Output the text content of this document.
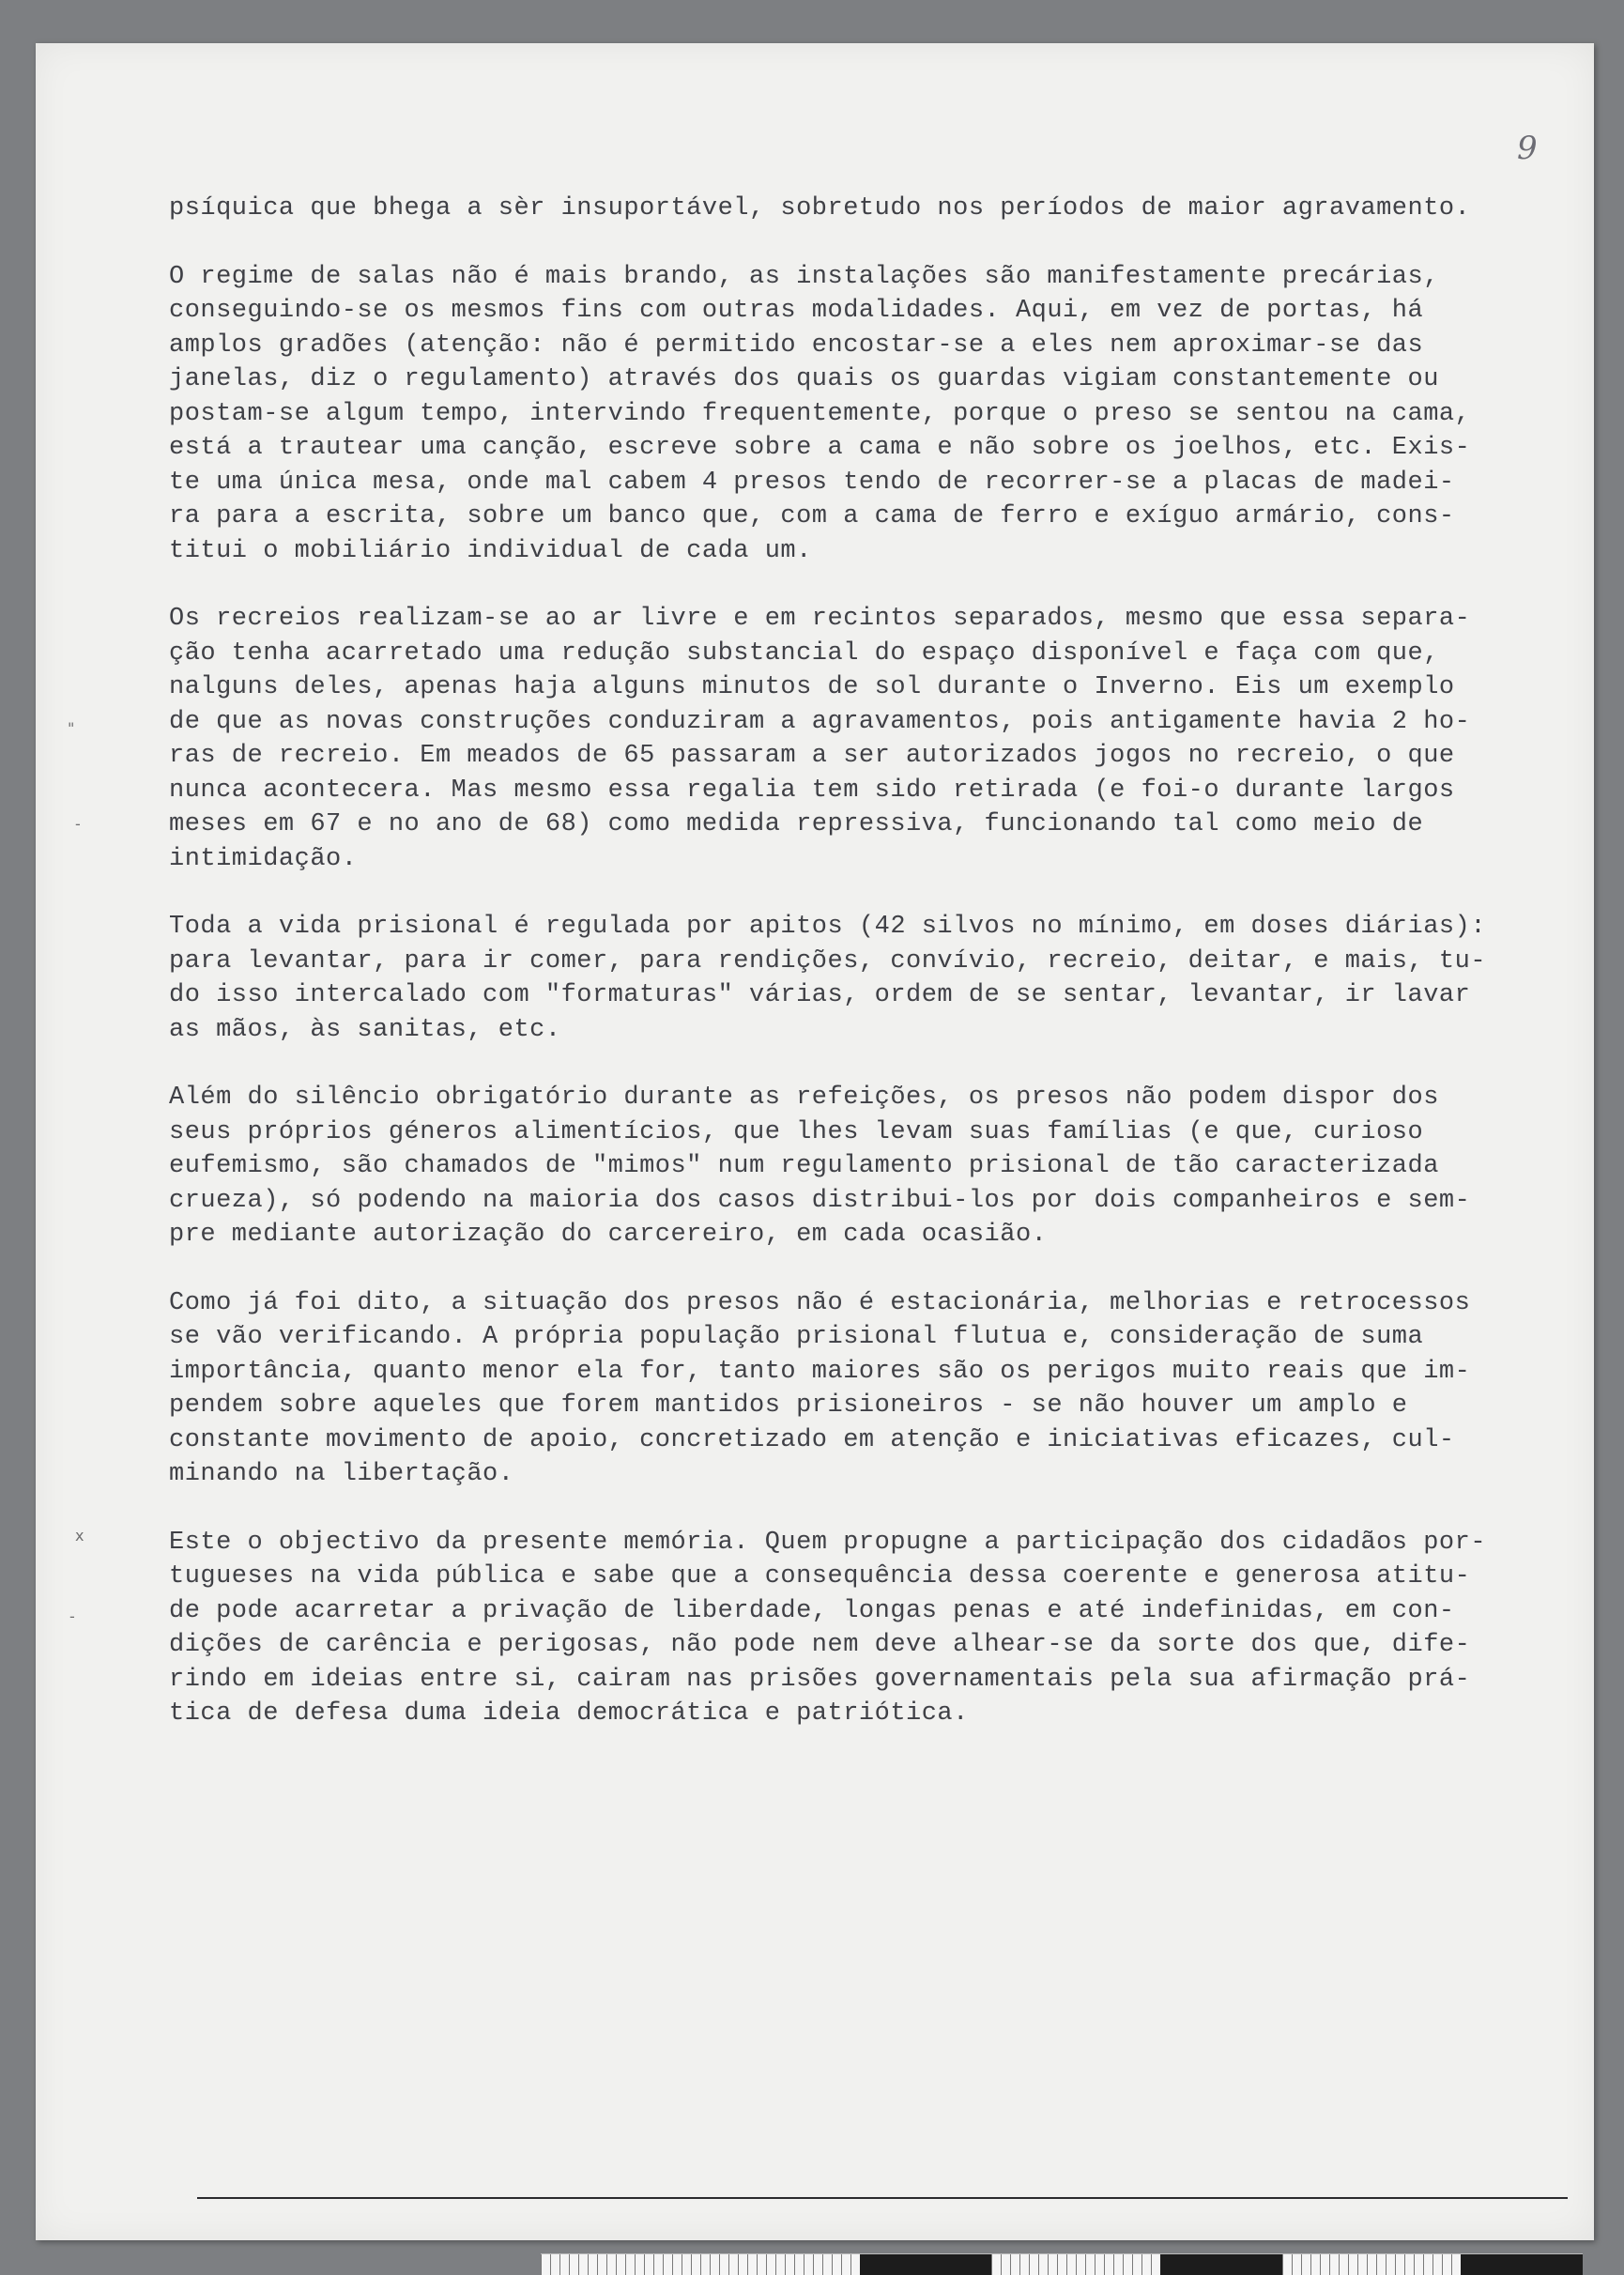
9

psíquica que bhega a sèr insuportável, sobretudo nos períodos de maior agravamento.

O regime de salas não é mais brando, as instalações são manifestamente precárias,
conseguindo-se os mesmos fins com outras modalidades. Aqui, em vez de portas, há
amplos gradões (atenção: não é permitido encostar-se a eles nem aproximar-se das
janelas, diz o regulamento) através dos quais os guardas vigiam constantemente ou
postam-se algum tempo, intervindo frequentemente, porque o preso se sentou na cama,
está a trautear uma canção, escreve sobre a cama e não sobre os joelhos, etc. Exis-
te uma única mesa, onde mal cabem 4 presos tendo de recorrer-se a placas de madei-
ra para a escrita, sobre um banco que, com a cama de ferro e exíguo armário, cons-
titui o mobiliário individual de cada um.

Os recreios realizam-se ao ar livre e em recintos separados, mesmo que essa separa-
ção tenha acarretado uma redução substancial do espaço disponível e faça com que,
nalguns deles, apenas haja alguns minutos de sol durante o Inverno. Eis um exemplo
de que as novas construções conduziram a agravamentos, pois antigamente havia 2 ho-
ras de recreio. Em meados de 65 passaram a ser autorizados jogos no recreio, o que
nunca acontecera. Mas mesmo essa regalia tem sido retirada (e foi-o durante largos
meses em 67 e no ano de 68) como medida repressiva, funcionando tal como meio de
intimidação.

Toda a vida prisional é regulada por apitos (42 silvos no mínimo, em doses diárias):
para levantar, para ir comer, para rendições, convívio, recreio, deitar, e mais, tu-
do isso intercalado com "formaturas" várias, ordem de se sentar, levantar, ir lavar
as mãos, às sanitas, etc.

Além do silêncio obrigatório durante as refeições, os presos não podem dispor dos
seus próprios géneros alimentícios, que lhes levam suas famílias (e que, curioso
eufemismo, são chamados de "mimos" num regulamento prisional de tão caracterizada
crueza), só podendo na maioria dos casos distribui-los por dois companheiros e sem-
pre mediante autorização do carcereiro, em cada ocasião.

Como já foi dito, a situação dos presos não é estacionária, melhorias e retrocessos
se vão verificando. A própria população prisional flutua e, consideração de suma
importância, quanto menor ela for, tanto maiores são os perigos muito reais que im-
pendem sobre aqueles que forem mantidos prisioneiros - se não houver um amplo e
constante movimento de apoio, concretizado em atenção e iniciativas eficazes, cul-
minando na libertação.

Este o objectivo da presente memória. Quem propugne a participação dos cidadãos por-
tugueses na vida pública e sabe que a consequência dessa coerente e generosa atitu-
de pode acarretar a privação de liberdade, longas penas e até indefinidas, em con-
dições de carência e perigosas, não pode nem deve alhear-se da sorte dos que, dife-
rindo em ideias entre si, cairam nas prisões governamentais pela sua afirmação prá-
tica de defesa duma ideia democrática e patriótica.

"
-
x
-
